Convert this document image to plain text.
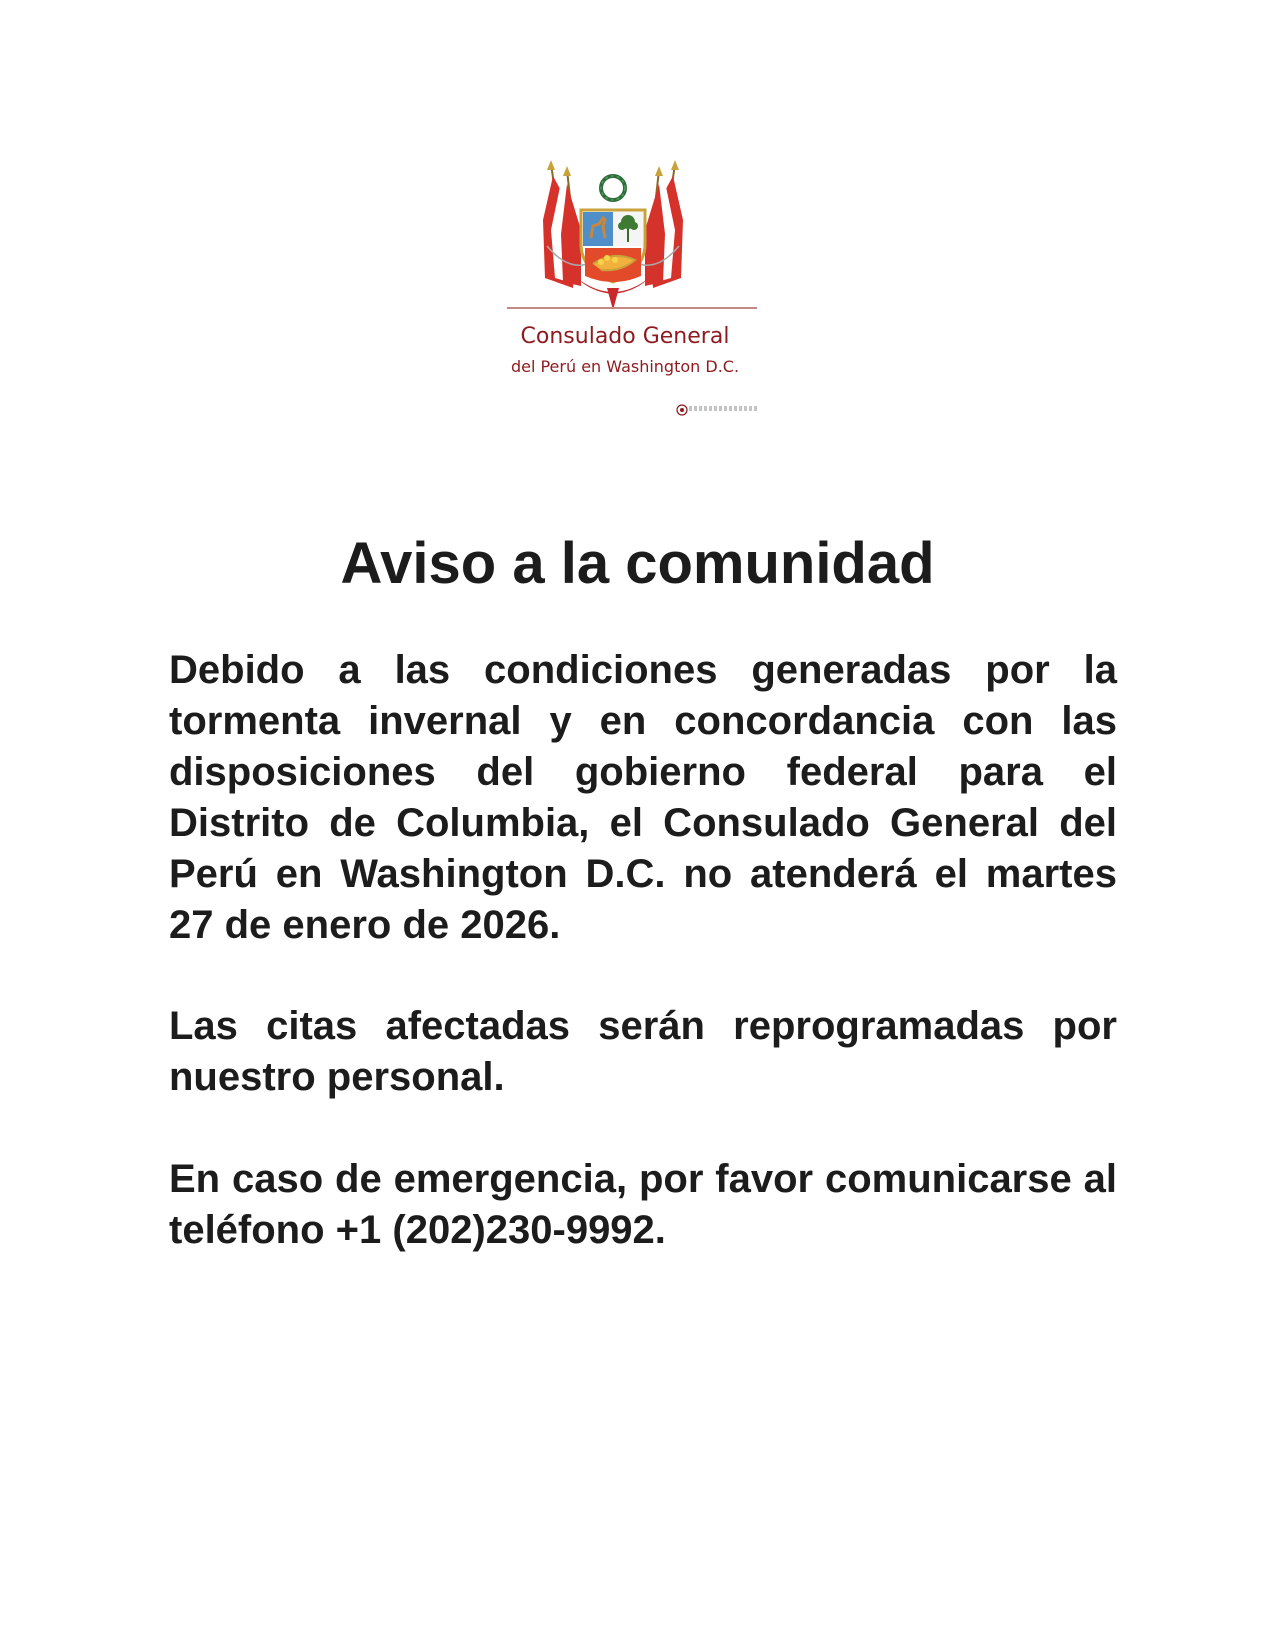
Consulado General
del Perú en Washington D.C.
Aviso a la comunidad

Debido a las condiciones generadas por la tormenta invernal y en concordancia con las disposiciones del gobierno federal para el Distrito de Columbia, el Consulado General del Perú en Washington D.C. no atenderá el martes 27 de enero de 2026.

Las citas afectadas serán reprogramadas por nuestro personal.

En caso de emergencia, por favor comunicarse al teléfono +1 (202)230-9992.
